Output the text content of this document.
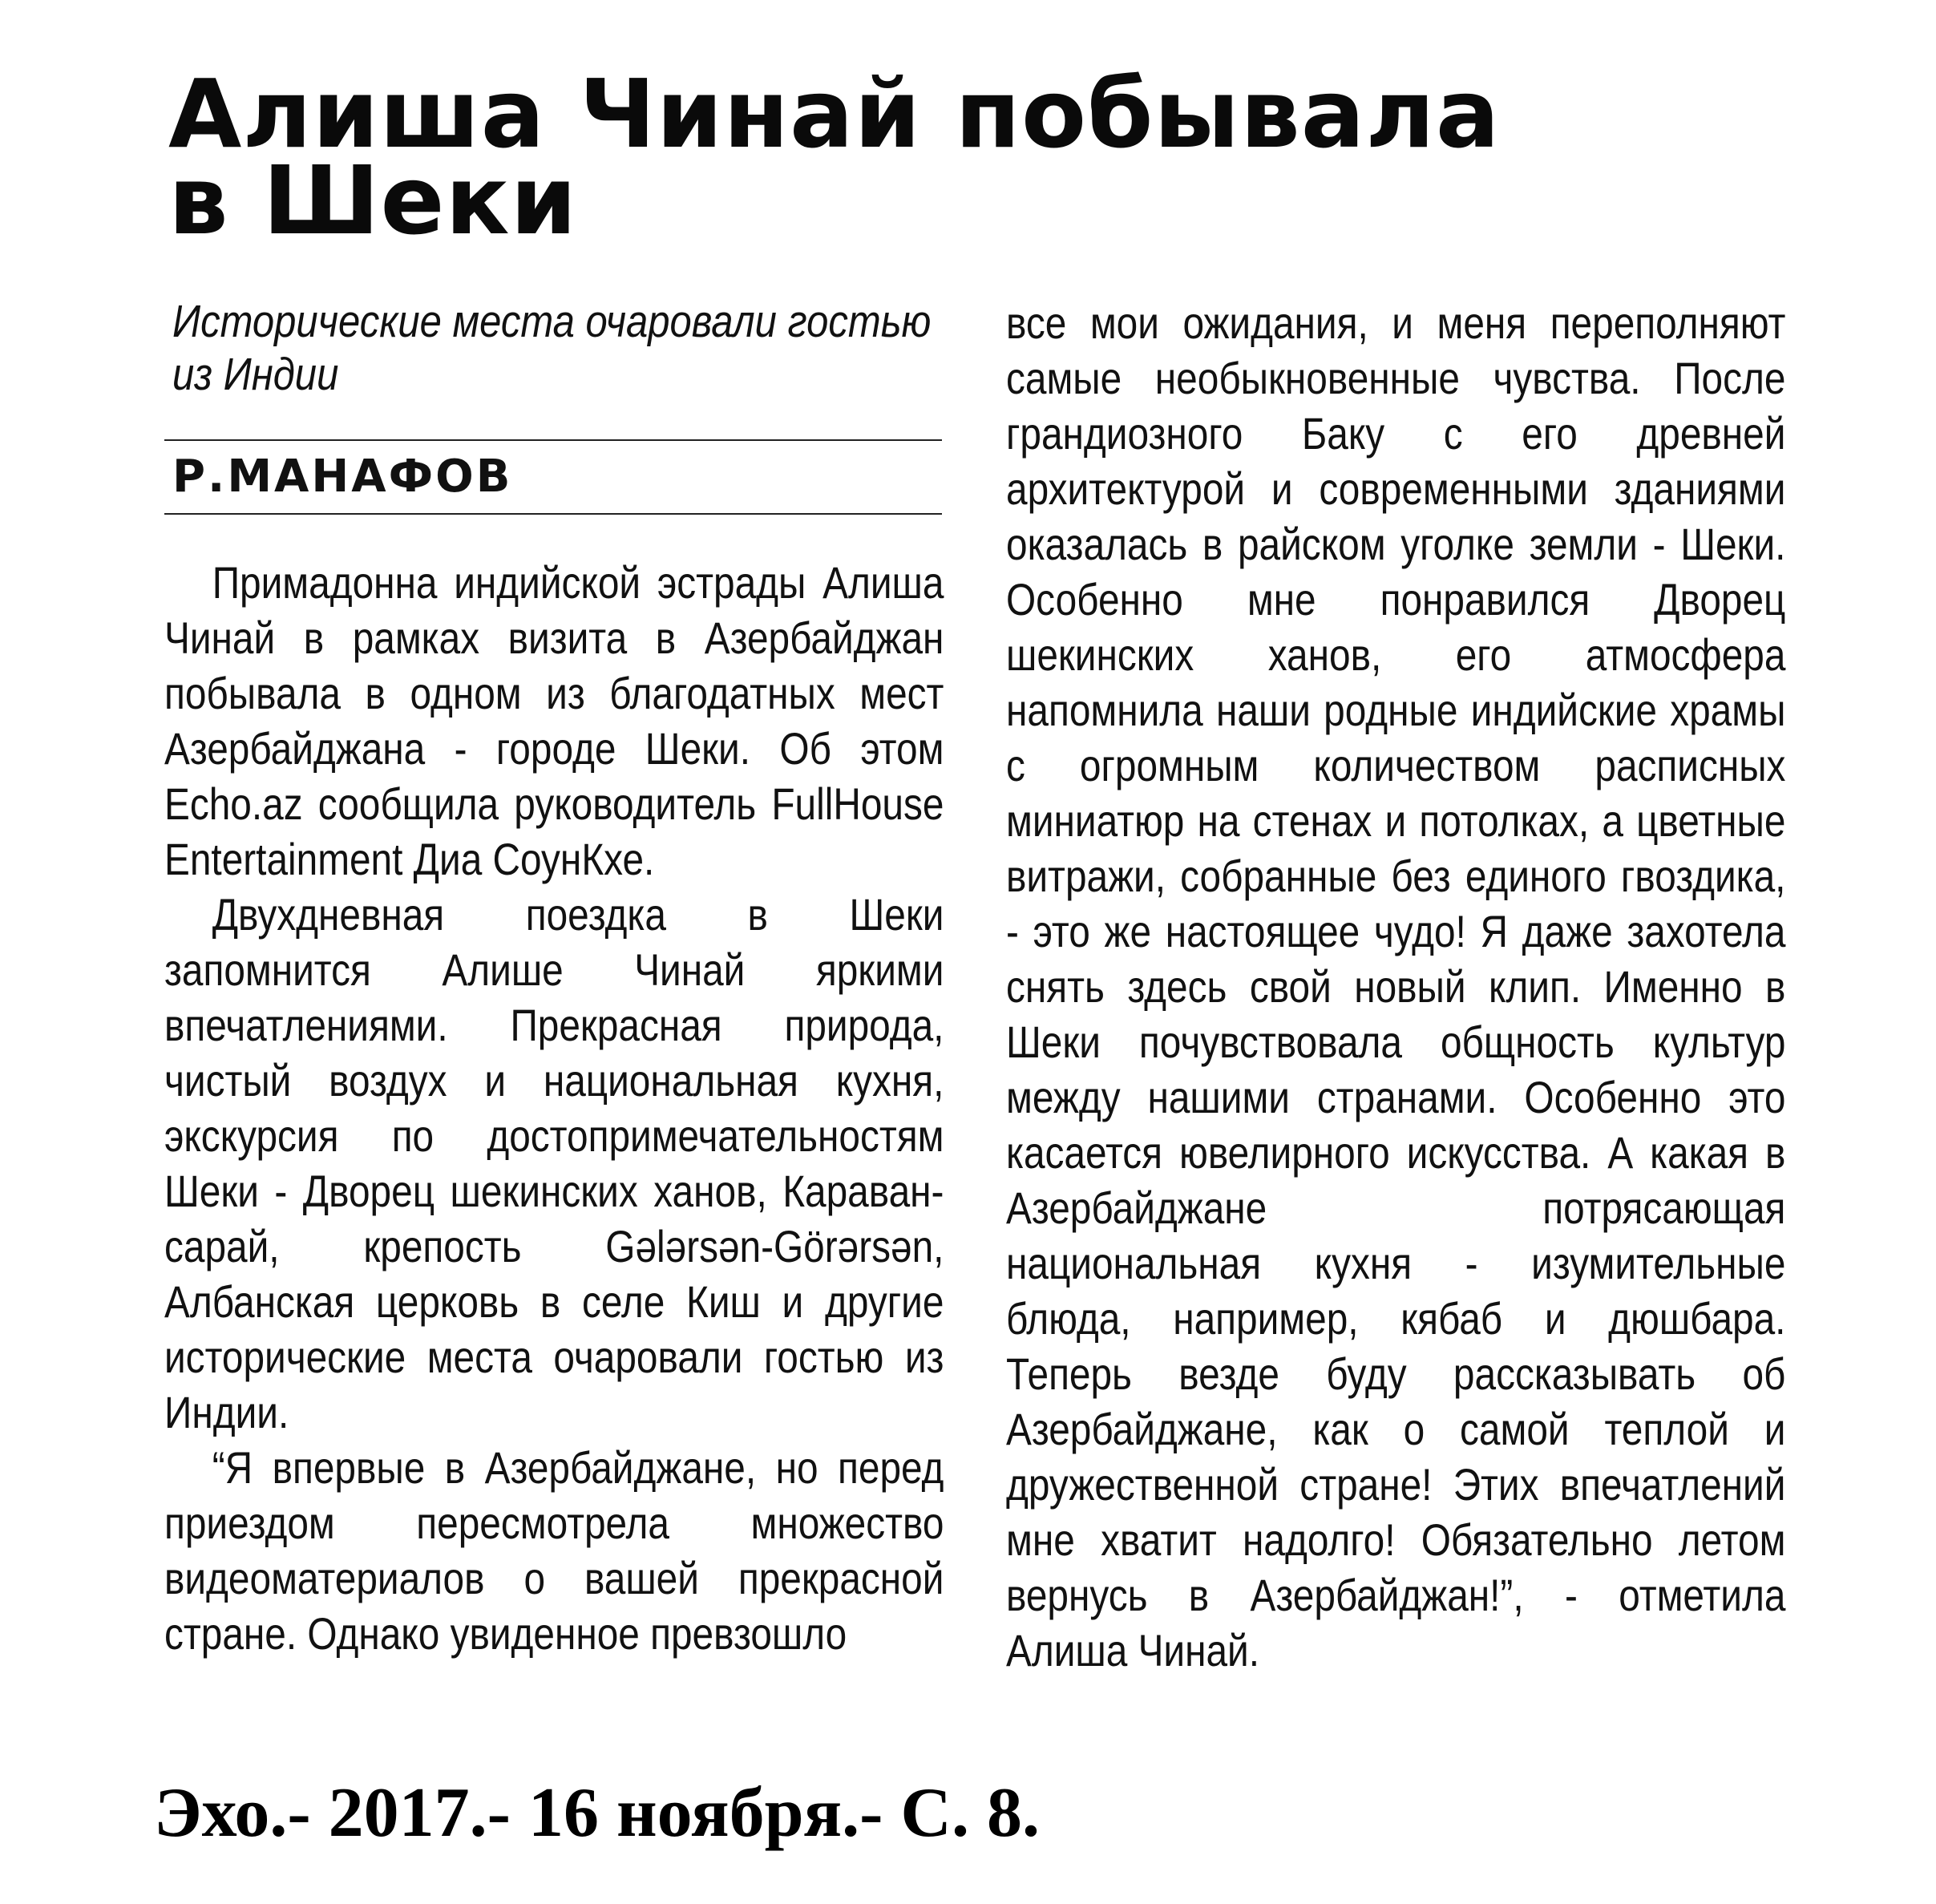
Алиша Чинай побывала
в Шеки
Исторические места очаровали гостью из Индии
Р.МАНАФОВ

Примадонна индийской эстрады Алиша Чинай в рамках визита в Азербайджан побывала в одном из благодатных мест Азербайджана - городе Шеки. Об этом Echo.az сообщила руководитель FullHouse Entertainment Диа СоунКхе.

Двухдневная поездка в Шеки запомнится Алише Чинай яркими впечатлениями. Прекрасная природа, чистый воздух и национальная кухня, экскурсия по достопримечательностям Шеки - Дворец шекинских ханов, Караван-сарай, крепость Gələrsən-Görərsən, Албанская церковь в селе Киш и другие исторические места очаровали гостью из Индии.

“Я впервые в Азербайджане, но перед приездом пересмотрела множество видеоматериалов о вашей прекрасной стране. Однако увиденное превзошло

все мои ожидания, и меня переполняют самые необыкновенные чувства. После грандиозного Баку с его древней архитектурой и современными зданиями оказалась в райском уголке земли - Шеки. Особенно мне понравился Дворец шекинских ханов, его атмосфера напомнила наши родные индийские храмы с огромным количеством расписных миниатюр на стенах и потолках, а цветные витражи, собранные без единого гвоздика, - это же настоящее чудо! Я даже захотела снять здесь свой новый клип. Именно в Шеки почувствовала общность культур между нашими странами. Особенно это касается ювелирного искусства. А какая в Азербайджане потрясающая национальная кухня - изумительные блюда, например, кябаб и дюшбара. Теперь везде буду рассказывать об Азербайджане, как о самой теплой и дружественной стране! Этих впечатлений мне хватит надолго! Обязательно летом вернусь в Азербайджан!”, - отметила Алиша Чинай.

Эхо.- 2017.- 16 ноября.- С. 8.
